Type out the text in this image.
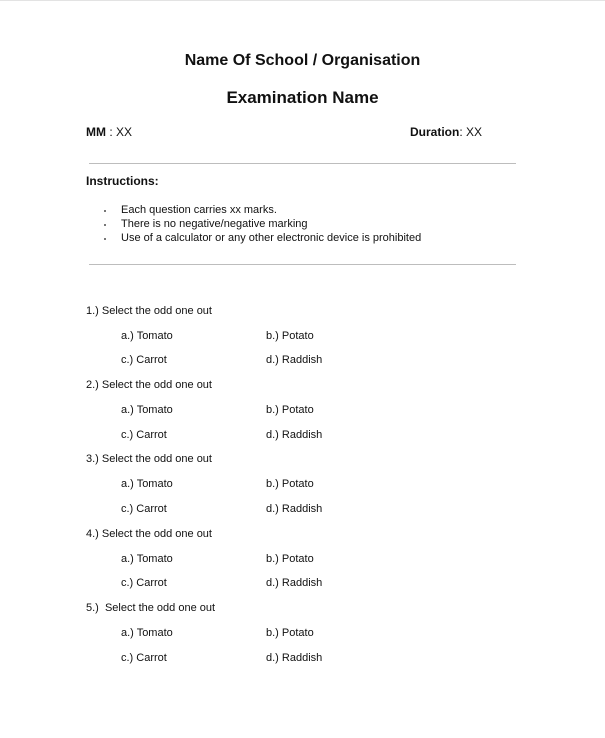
Name Of School / Organisation
Examination Name
MM : XX	Duration: XX
Instructions:
Each question carries xx marks.
There is no negative/negative marking
Use of a calculator or any other electronic device is prohibited
1.) Select the odd one out
a.) Tomato	b.) Potato
c.) Carrot	d.) Raddish
2.) Select the odd one out
a.) Tomato	b.) Potato
c.) Carrot	d.) Raddish
3.) Select the odd one out
a.) Tomato	b.) Potato
c.) Carrot	d.) Raddish
4.) Select the odd one out
a.) Tomato	b.) Potato
c.) Carrot	d.) Raddish
5.)  Select the odd one out
a.) Tomato	b.) Potato
c.) Carrot	d.) Raddish
